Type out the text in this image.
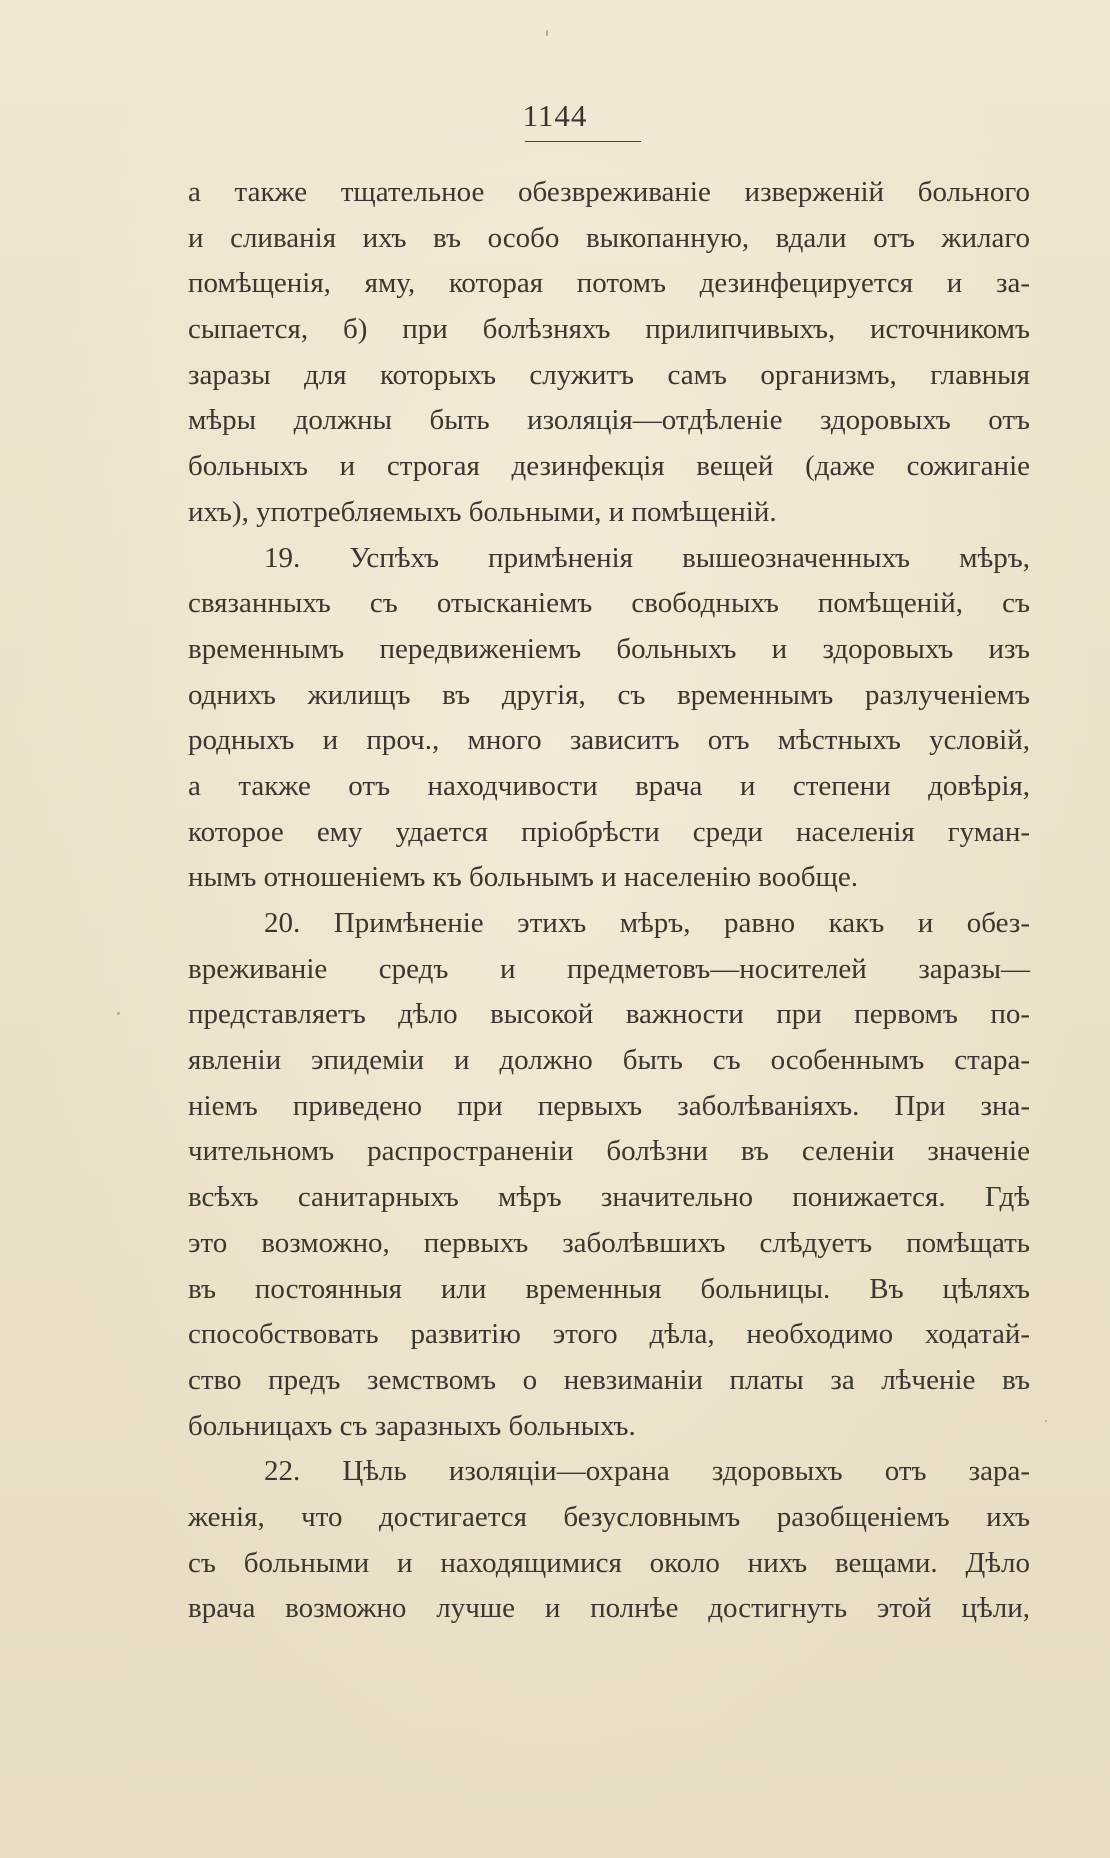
1144
а также тщательное обезвреживаніе изверженій больного
и сливанія ихъ въ особо выкопанную, вдали отъ жилаго
помѣщенія, яму, которая потомъ дезинфецируется и за-
сыпается, б) при болѣзняхъ прилипчивыхъ, источникомъ
заразы для которыхъ служитъ самъ организмъ, главныя
мѣры должны быть изоляція—отдѣленіе здоровыхъ отъ
больныхъ и строгая дезинфекція вещей (даже сожиганіе
ихъ), употребляемыхъ больными, и помѣщеній.
19. Успѣхъ примѣненія вышеозначенныхъ мѣръ,
связанныхъ съ отысканіемъ свободныхъ помѣщеній, съ
временнымъ передвиженіемъ больныхъ и здоровыхъ изъ
однихъ жилищъ въ другія, съ временнымъ разлученіемъ
родныхъ и проч., много зависитъ отъ мѣстныхъ условій,
а также отъ находчивости врача и степени довѣрія,
которое ему удается пріобрѣсти среди населенія гуман-
нымъ отношеніемъ къ больнымъ и населенію вообще.
20. Примѣненіе этихъ мѣръ, равно какъ и обез-
вреживаніе средъ и предметовъ—носителей заразы—
представляетъ дѣло высокой важности при первомъ по-
явленіи эпидеміи и должно быть съ особеннымъ стара-
ніемъ приведено при первыхъ заболѣваніяхъ. При зна-
чительномъ распространеніи болѣзни въ селеніи значеніе
всѣхъ санитарныхъ мѣръ значительно понижается. Гдѣ
это возможно, первыхъ заболѣвшихъ слѣдуетъ помѣщать
въ постоянныя или временныя больницы. Въ цѣляхъ
способствовать развитію этого дѣла, необходимо ходатай-
ство предъ земствомъ о невзиманіи платы за лѣченіе въ
больницахъ съ заразныхъ больныхъ.
22. Цѣль изоляціи—охрана здоровыхъ отъ зара-
женія, что достигается безусловнымъ разобщеніемъ ихъ
съ больными и находящимися около нихъ вещами. Дѣло
врача возможно лучше и полнѣе достигнуть этой цѣли,
